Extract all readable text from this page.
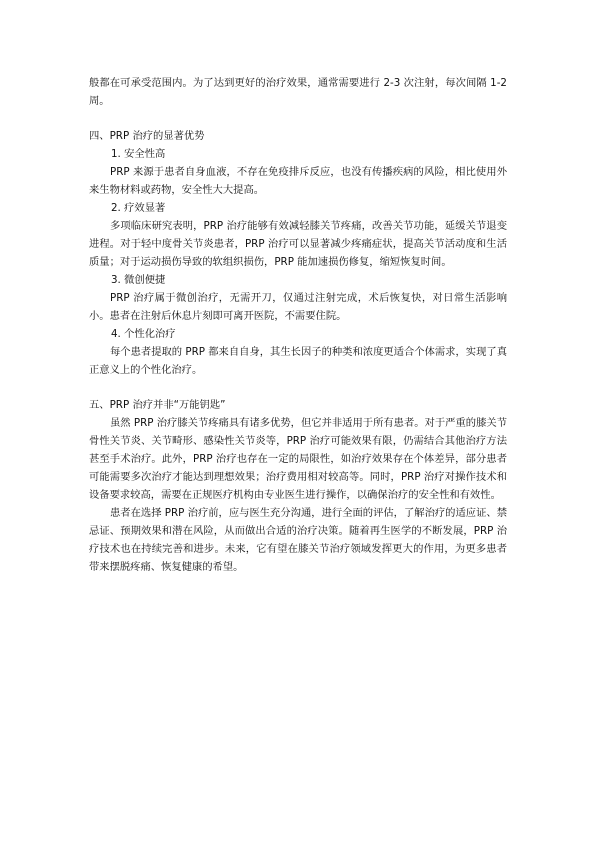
般都在可承受范围内。为了达到更好的治疗效果，通常需要进行 2-3 次注射，每次间隔 1-2 周。

四、PRP 治疗的显著优势

1. 安全性高

PRP 来源于患者自身血液，不存在免疫排斥反应，也没有传播疾病的风险，相比使用外来生物材料或药物，安全性大大提高。

2. 疗效显著

多项临床研究表明，PRP 治疗能够有效减轻膝关节疼痛，改善关节功能，延缓关节退变进程。对于轻中度骨关节炎患者，PRP 治疗可以显著减少疼痛症状，提高关节活动度和生活质量；对于运动损伤导致的软组织损伤，PRP 能加速损伤修复，缩短恢复时间。

3. 微创便捷

PRP 治疗属于微创治疗，无需开刀，仅通过注射完成，术后恢复快，对日常生活影响小。患者在注射后休息片刻即可离开医院，不需要住院。

4. 个性化治疗

每个患者提取的 PRP 都来自自身，其生长因子的种类和浓度更适合个体需求，实现了真正意义上的个性化治疗。

五、PRP 治疗并非“万能钥匙”

虽然 PRP 治疗膝关节疼痛具有诸多优势，但它并非适用于所有患者。对于严重的膝关节骨性关节炎、关节畸形、感染性关节炎等，PRP 治疗可能效果有限，仍需结合其他治疗方法甚至手术治疗。此外，PRP 治疗也存在一定的局限性，如治疗效果存在个体差异，部分患者可能需要多次治疗才能达到理想效果；治疗费用相对较高等。同时，PRP 治疗对操作技术和设备要求较高，需要在正规医疗机构由专业医生进行操作，以确保治疗的安全性和有效性。

患者在选择 PRP 治疗前，应与医生充分沟通，进行全面的评估，了解治疗的适应证、禁忌证、预期效果和潜在风险，从而做出合适的治疗决策。随着再生医学的不断发展，PRP 治疗技术也在持续完善和进步。未来，它有望在膝关节治疗领域发挥更大的作用，为更多患者带来摆脱疼痛、恢复健康的希望。
